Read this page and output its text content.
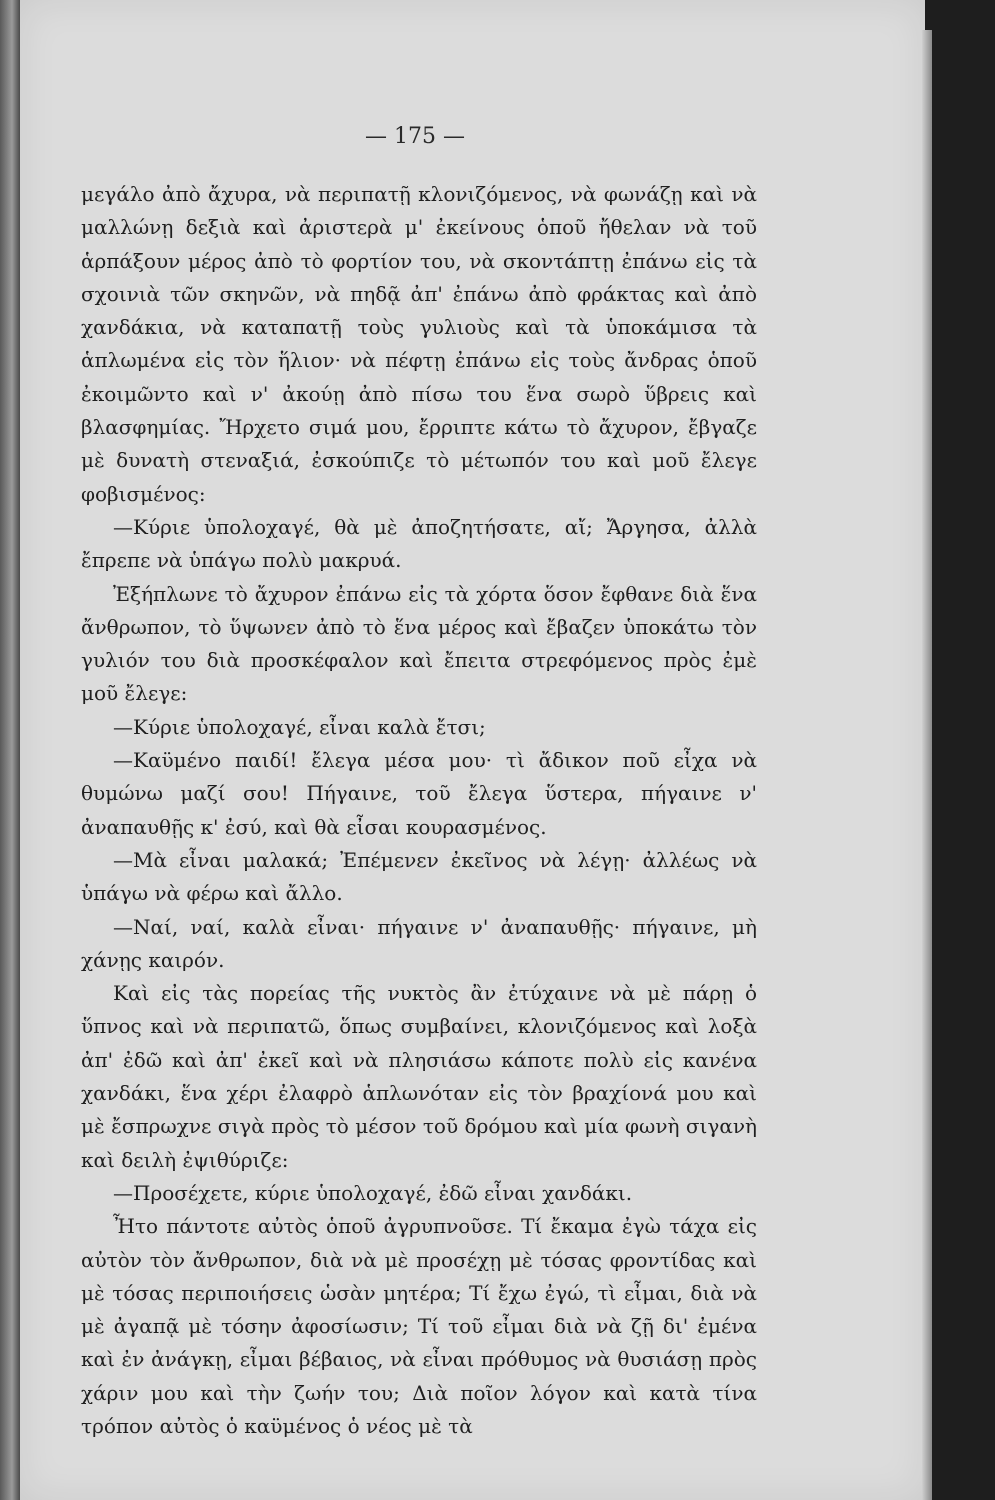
— 175 —

μεγάλο ἀπὸ ἄχυρα, νὰ περιπατῇ κλονιζόμενος, νὰ φωνάζῃ καὶ νὰ μαλλώνῃ δεξιὰ καὶ ἀριστερὰ μ' ἐκείνους ὁποῦ ἤθελαν νὰ τοῦ ἁρπάξουν μέρος ἀπὸ τὸ φορτίον του, νὰ σκοντάπτῃ ἐπάνω εἰς τὰ σχοινιὰ τῶν σκηνῶν, νὰ πηδᾷ ἀπ' ἐπάνω ἀπὸ φράκτας καὶ ἀπὸ χανδάκια, νὰ καταπατῇ τοὺς γυλιοὺς καὶ τὰ ὑποκάμισα τὰ ἁπλωμένα εἰς τὸν ἥλιον· νὰ πέφτῃ ἐπάνω εἰς τοὺς ἄνδρας ὁποῦ ἐκοιμῶντο καὶ ν' ἀκούῃ ἀπὸ πίσω του ἕνα σωρὸ ὕβρεις καὶ βλασφημίας. Ἤρχετο σιμά μου, ἔρριπτε κάτω τὸ ἄχυρον, ἔβγαζε μὲ δυνατὴ στεναξιά, ἐσκούπιζε τὸ μέτωπόν του καὶ μοῦ ἔλεγε φοβισμένος:

—Κύριε ὑπολοχαγέ, θὰ μὲ ἀποζητήσατε, αἴ; Ἄργησα, ἀλλὰ ἔπρεπε νὰ ὑπάγω πολὺ μακρυά.

Ἐξήπλωνε τὸ ἄχυρον ἐπάνω εἰς τὰ χόρτα ὅσον ἔφθανε διὰ ἕνα ἄνθρωπον, τὸ ὕψωνεν ἀπὸ τὸ ἕνα μέρος καὶ ἔβαζεν ὑποκάτω τὸν γυλιόν του διὰ προσκέφαλον καὶ ἔπειτα στρεφόμενος πρὸς ἐμὲ μοῦ ἔλεγε:

—Κύριε ὑπολοχαγέ, εἶναι καλὰ ἔτσι;

—Καϋμένο παιδί! ἔλεγα μέσα μου· τὶ ἄδικον ποῦ εἶχα νὰ θυμώνω μαζί σου! Πήγαινε, τοῦ ἔλεγα ὕστερα, πήγαινε ν' ἀναπαυθῇς κ' ἐσύ, καὶ θὰ εἶσαι κουρασμένος.

—Μὰ εἶναι μαλακά; Ἐπέμενεν ἐκεῖνος νὰ λέγῃ· ἀλλέως νὰ ὑπάγω νὰ φέρω καὶ ἄλλο.

—Ναί, ναί, καλὰ εἶναι· πήγαινε ν' ἀναπαυθῇς· πήγαινε, μὴ χάνῃς καιρόν.

Καὶ εἰς τὰς πορείας τῆς νυκτὸς ἂν ἐτύχαινε νὰ μὲ πάρῃ ὁ ὕπνος καὶ νὰ περιπατῶ, ὅπως συμβαίνει, κλονιζόμενος καὶ λοξὰ ἀπ' ἐδῶ καὶ ἀπ' ἐκεῖ καὶ νὰ πλησιάσω κάποτε πολὺ εἰς κανένα χανδάκι, ἕνα χέρι ἐλαφρὸ ἁπλωνόταν εἰς τὸν βραχίονά μου καὶ μὲ ἔσπρωχνε σιγὰ πρὸς τὸ μέσον τοῦ δρόμου καὶ μία φωνὴ σιγανὴ καὶ δειλὴ ἐψιθύριζε:

—Προσέχετε, κύριε ὑπολοχαγέ, ἐδῶ εἶναι χανδάκι.

Ἦτο πάντοτε αὐτὸς ὁποῦ ἀγρυπνοῦσε. Τί ἔκαμα ἐγὼ τάχα εἰς αὐτὸν τὸν ἄνθρωπον, διὰ νὰ μὲ προσέχῃ μὲ τόσας φροντίδας καὶ μὲ τόσας περιποιήσεις ὡσὰν μητέρα; Τί ἔχω ἐγώ, τὶ εἶμαι, διὰ νὰ μὲ ἀγαπᾷ μὲ τόσην ἀφοσίωσιν; Τί τοῦ εἶμαι διὰ νὰ ζῇ δι' ἐμένα καὶ ἐν ἀνάγκῃ, εἶμαι βέβαιος, νὰ εἶναι πρόθυμος νὰ θυσιάσῃ πρὸς χάριν μου καὶ τὴν ζωήν του; Διὰ ποῖον λόγον καὶ κατὰ τίνα τρόπον αὐτὸς ὁ καϋμένος ὁ νέος μὲ τὰ
